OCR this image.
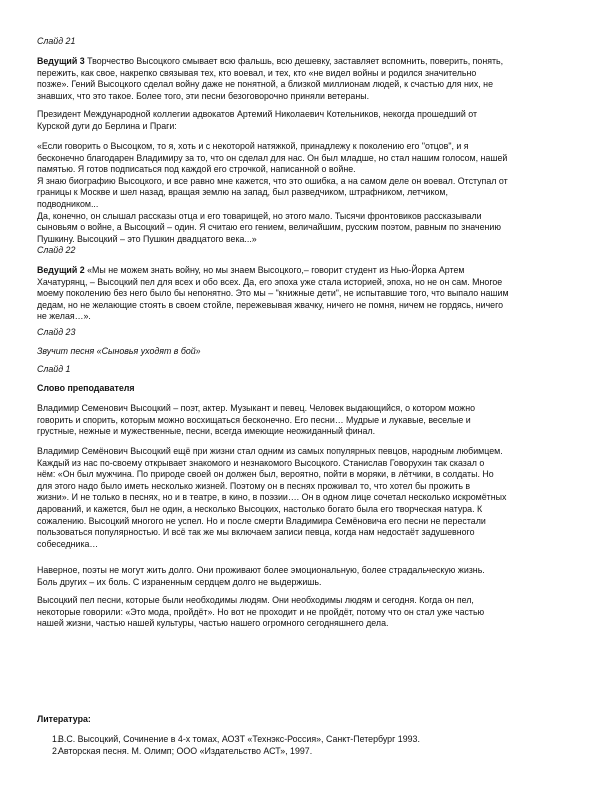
Слайд 21

Ведущий 3 Творчество Высоцкого смывает всю фальшь, всю дешевку, заставляет вспомнить, поверить, понять,
пережить, как свое, накрепко связывая тех, кто воевал, и тех, кто «не видел войны и родился значительно
позже». Гений Высоцкого сделал войну даже не понятной, а близкой миллионам людей, к счастью для них, не
знавших, что это такое. Более того, эти песни безоговорочно приняли ветераны.

Президент Международной коллегии адвокатов Артемий Николаевич Котельников, некогда прошедший от
Курской дуги до Берлина и Праги:

«Если говорить о Высоцком, то я, хоть и с некоторой натяжкой, принадлежу к поколению его "отцов", и я
бесконечно благодарен Владимиру за то, что он сделал для нас. Он был младше, но стал нашим голосом, нашей
памятью. Я готов подписаться под каждой его строчкой, написанной о войне.
Я знаю биографию Высоцкого, и все равно мне кажется, что это ошибка, а на самом деле он воевал. Отступал от
границы к Москве и шел назад, вращая землю на запад, был разведчиком, штрафником, летчиком,
подводником...
Да, конечно, он слышал рассказы отца и его товарищей, но этого мало. Тысячи фронтовиков рассказывали
сыновьям о войне, а Высоцкий – один. Я считаю его гением, величайшим, русским поэтом, равным по значению
Пушкину. Высоцкий – это Пушкин двадцатого века...»

Слайд 22

Ведущий 2 «Мы не можем знать войну, но мы знаем Высоцкого,– говорит студент из Нью-Йорка Артем
Хачатурянц, – Высоцкий пел для всех и обо всех. Да, его эпоха уже стала историей, эпоха, но не он сам. Многое
моему поколению без него было бы непонятно. Это мы – "книжные дети", не испытавшие того, что выпало нашим
дедам, но не желающие стоять в своем стойле, пережевывая жвачку, ничего не помня, ничем не гордясь, ничего
не желая…».

Слайд 23

Звучит песня «Сыновья уходят в бой»

Слайд 1

Слово преподавателя

Владимир Семенович Высоцкий – поэт, актер. Музыкант и певец. Человек выдающийся, о котором можно
говорить и спорить, которым можно восхищаться бесконечно. Его песни… Мудрые и лукавые, веселые и
грустные, нежные и мужественные, песни, всегда имеющие неожиданный финал.

Владимир Семёнович Высоцкий ещё при жизни стал одним из самых популярных певцов, народным любимцем.
Каждый из нас по-своему открывает знакомого и незнакомого Высоцкого. Станислав Говорухин так сказал о
нём: «Он был мужчина. По природе своей он должен был, вероятно, пойти в моряки, в лётчики, в солдаты. Но
для этого надо было иметь несколько жизней. Поэтому он в песнях проживал то, что хотел бы прожить в
жизни». И не только в песнях, но и в театре, в кино, в поэзии…. Он в одном лице сочетал несколько искромётных
дарований, и кажется, был не один, а несколько Высоцких, настолько богато была его творческая натура. К
сожалению. Высоцкий многого не успел. Но и после смерти Владимира Семёновича его песни не перестали
пользоваться популярностью. И всё так же мы включаем записи певца, когда нам недостаёт задушевного
собеседника…

Наверное, поэты не могут жить долго. Они проживают более эмоциональную, более страдальческую жизнь.
Боль других – их боль. С израненным сердцем долго не выдержишь.

Высоцкий пел песни, которые были необходимы людям. Они необходимы людям и сегодня. Когда он пел,
некоторые говорили: «Это мода, пройдёт». Но вот не проходит и не пройдёт, потому что он стал уже частью
нашей жизни, частью нашей культуры, частью нашего огромного сегодняшнего дела.

Литература:

1.
В.С. Высоцкий, Сочинение в 4-х томах, АОЗТ «Технэкс-Россия», Санкт-Петербург 1993.
2.
Авторская песня. М. Олимп; ООО «Издательство АСТ», 1997.
